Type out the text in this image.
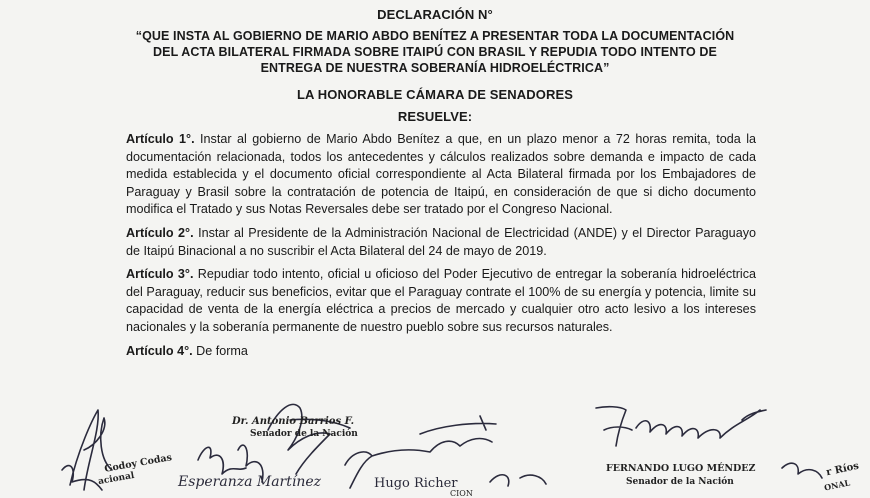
DECLARACIÓN N°
“QUE INSTA AL GOBIERNO DE MARIO ABDO BENÍTEZ A PRESENTAR TODA LA DOCUMENTACIÓN
DEL ACTA BILATERAL FIRMADA SOBRE ITAIPÚ CON BRASIL Y REPUDIA TODO INTENTO DE
ENTREGA DE NUESTRA SOBERANÍA HIDROELÉCTRICA”
LA HONORABLE CÁMARA DE SENADORES
RESUELVE:

Artículo 1°. Instar al gobierno de Mario Abdo Benítez a que, en un plazo menor a 72 horas remita, toda la documentación relacionada, todos los antecedentes y cálculos realizados sobre demanda e impacto de cada medida establecida y el documento oficial correspondiente al Acta Bilateral firmada por los Embajadores de Paraguay y Brasil sobre la contratación de potencia de Itaipú, en consideración de que si dicho documento modifica el Tratado y sus Notas Reversales debe ser tratado por el Congreso Nacional.

Artículo 2°. Instar al Presidente de la Administración Nacional de Electricidad (ANDE) y el Director Paraguayo de Itaipú Binacional a no suscribir el Acta Bilateral del 24 de mayo de 2019.

Artículo 3°. Repudiar todo intento, oficial u oficioso del Poder Ejecutivo de entregar la soberanía hidroeléctrica del Paraguay, reducir sus beneficios, evitar que el Paraguay contrate el 100% de su energía y potencia, limite su capacidad de venta de la energía eléctrica a precios de mercado y cualquier otro acto lesivo a los intereses nacionales y la soberanía permanente de nuestro pueblo sobre sus recursos naturales.

Artículo 4°. De forma

Dr. Antonio Barrios F.
Senador de la Nación
FERNANDO LUGO MÉNDEZ
Senador de la Nación
Godoy Codas
acional	Esperanza Martínez	Hugo Richer
CION
r Ríos
ONAL
